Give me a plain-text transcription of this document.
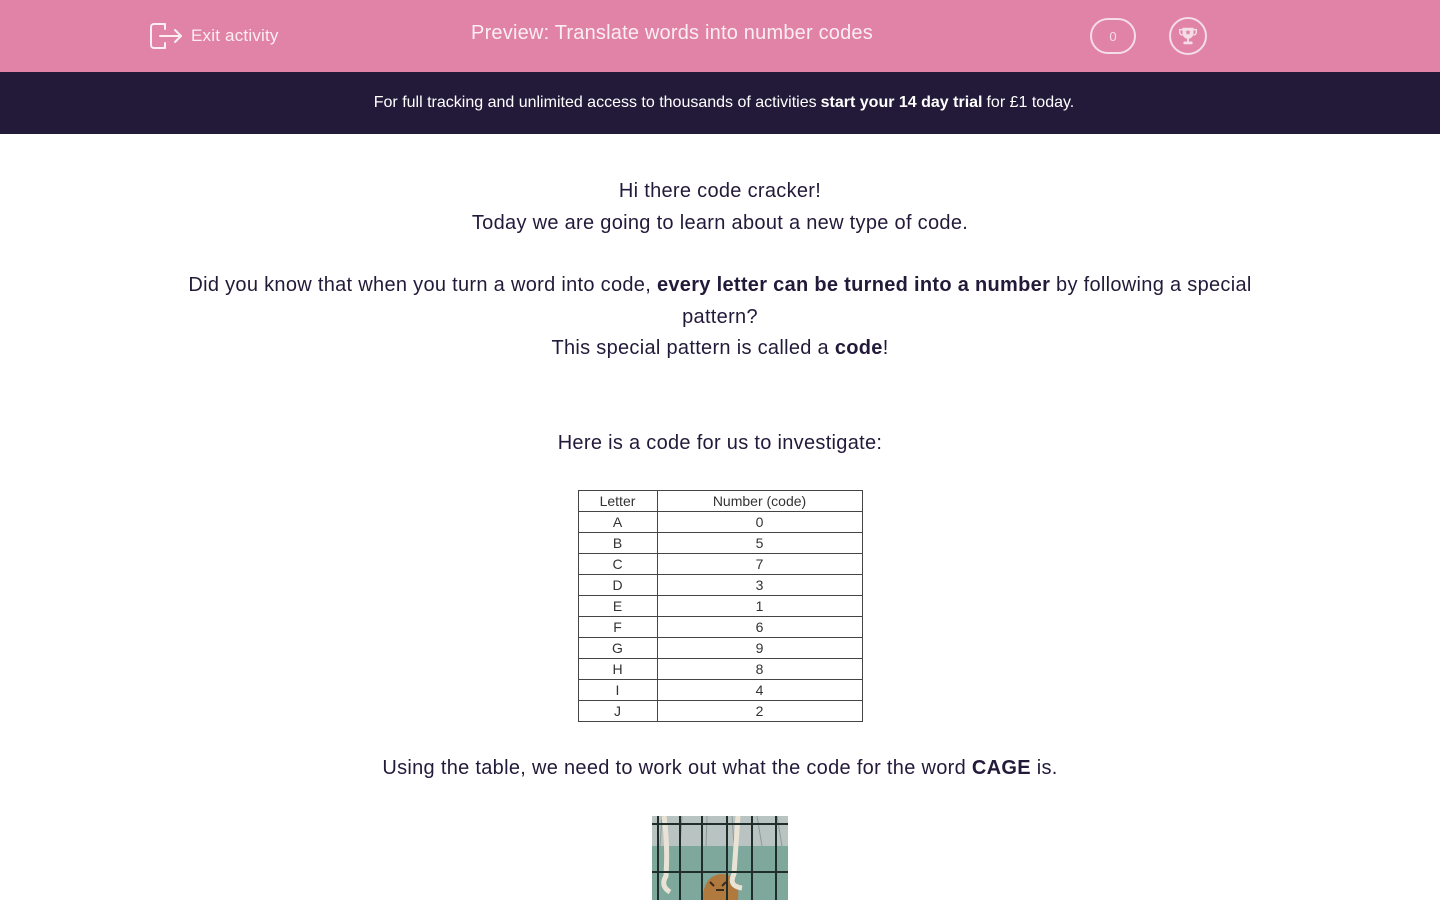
Exit activity	Preview: Translate words into number codes	0
For full tracking and unlimited access to thousands of activities start your 14 day trial for £1 today.
Hi there code cracker!
Today we are going to learn about a new type of code.
Did you know that when you turn a word into code, every letter can be turned into a number by following a special pattern?
This special pattern is called a code!
Here is a code for us to investigate:
Letter	Number (code)
A	0
B	5
C	7
D	3
E	1
F	6
G	9
H	8
I	4
J	2
Using the table, we need to work out what the code for the word CAGE is.
